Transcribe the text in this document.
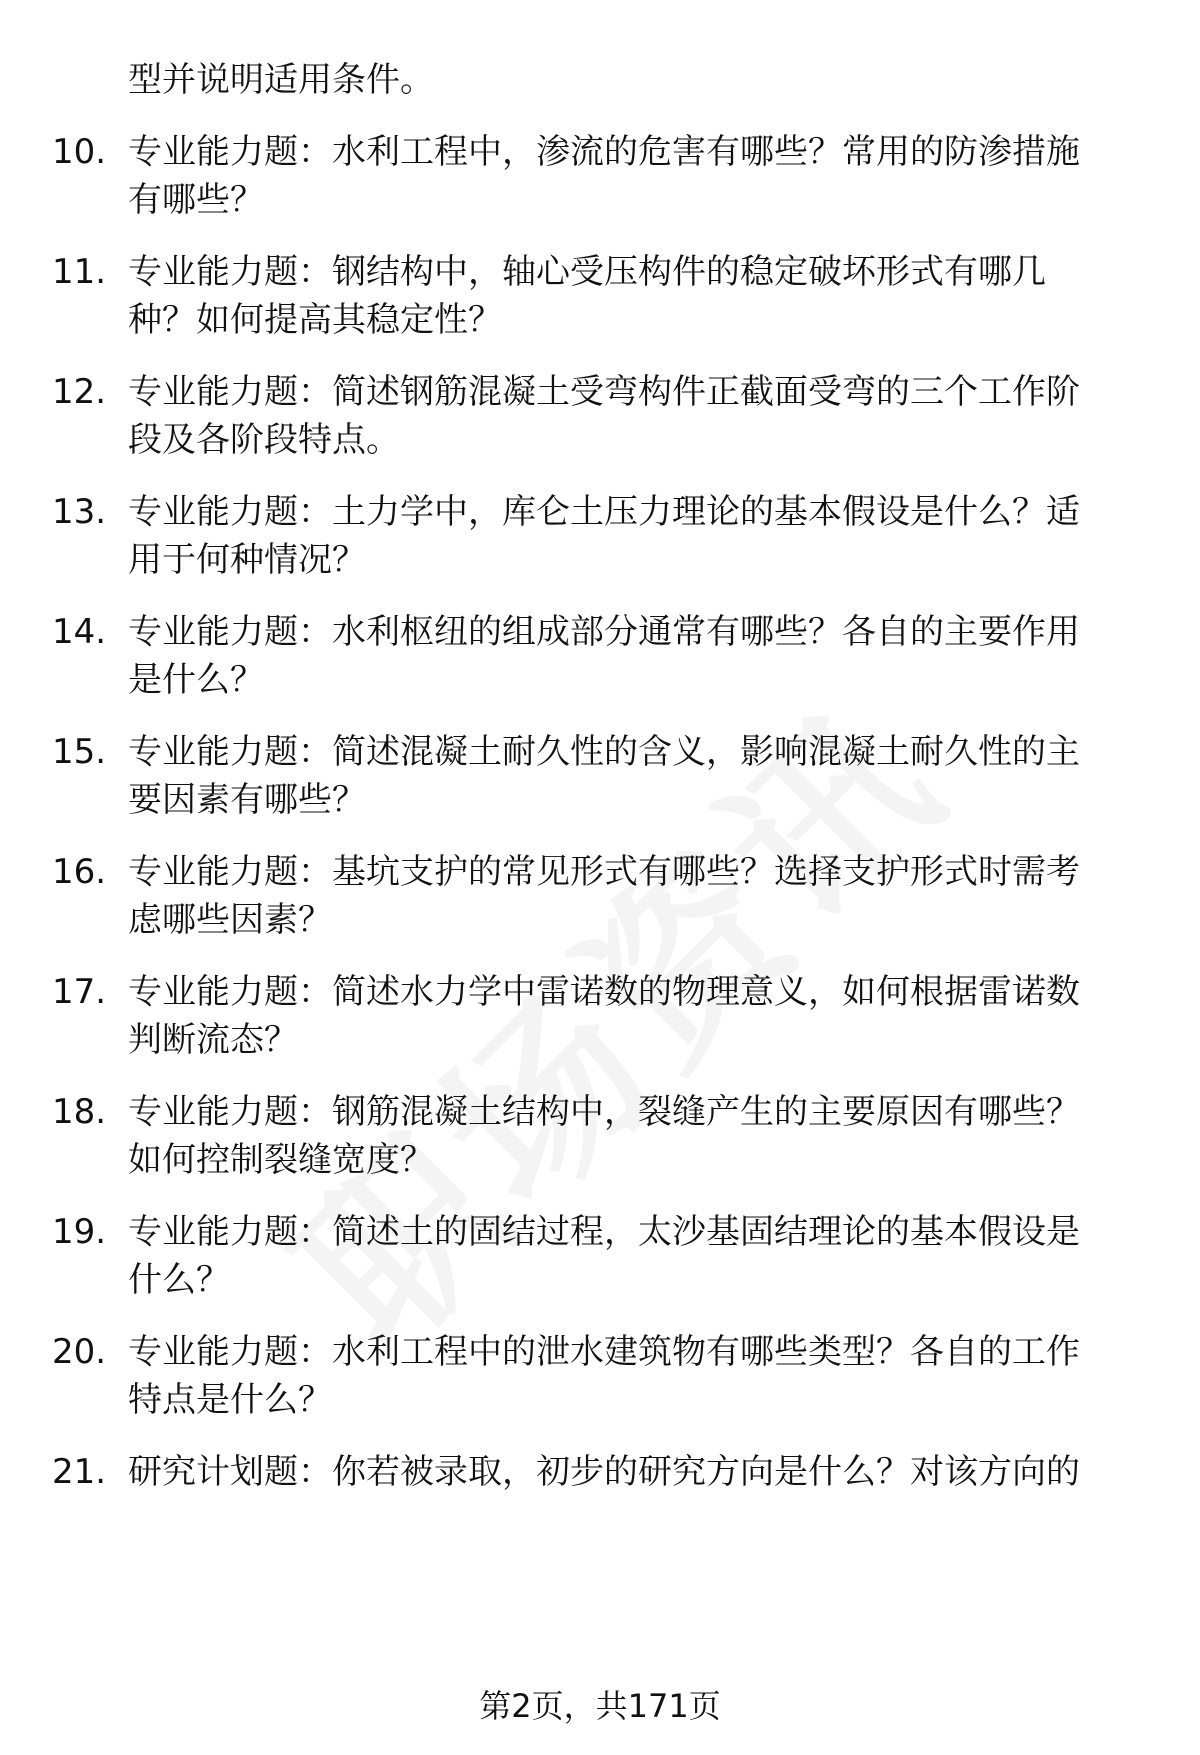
型并说明适用条件。
10. 专业能力题：水利工程中，渗流的危害有哪些？常用的防渗措施
有哪些？
11. 专业能力题：钢结构中，轴心受压构件的稳定破坏形式有哪几
种？如何提高其稳定性？
12. 专业能力题：简述钢筋混凝土受弯构件正截面受弯的三个工作阶
段及各阶段特点。
13. 专业能力题：土力学中，库仑土压力理论的基本假设是什么？适
用于何种情况？
14. 专业能力题：水利枢纽的组成部分通常有哪些？各自的主要作用
是什么？
15. 专业能力题：简述混凝土耐久性的含义，影响混凝土耐久性的主
要因素有哪些？
16. 专业能力题：基坑支护的常见形式有哪些？选择支护形式时需考
虑哪些因素？
17. 专业能力题：简述水力学中雷诺数的物理意义，如何根据雷诺数
判断流态？
18. 专业能力题：钢筋混凝土结构中，裂缝产生的主要原因有哪些？
如何控制裂缝宽度？
19. 专业能力题：简述土的固结过程，太沙基固结理论的基本假设是
什么？
20. 专业能力题：水利工程中的泄水建筑物有哪些类型？各自的工作
特点是什么？
21. 研究计划题：你若被录取，初步的研究方向是什么？对该方向的
第2页，共171页
